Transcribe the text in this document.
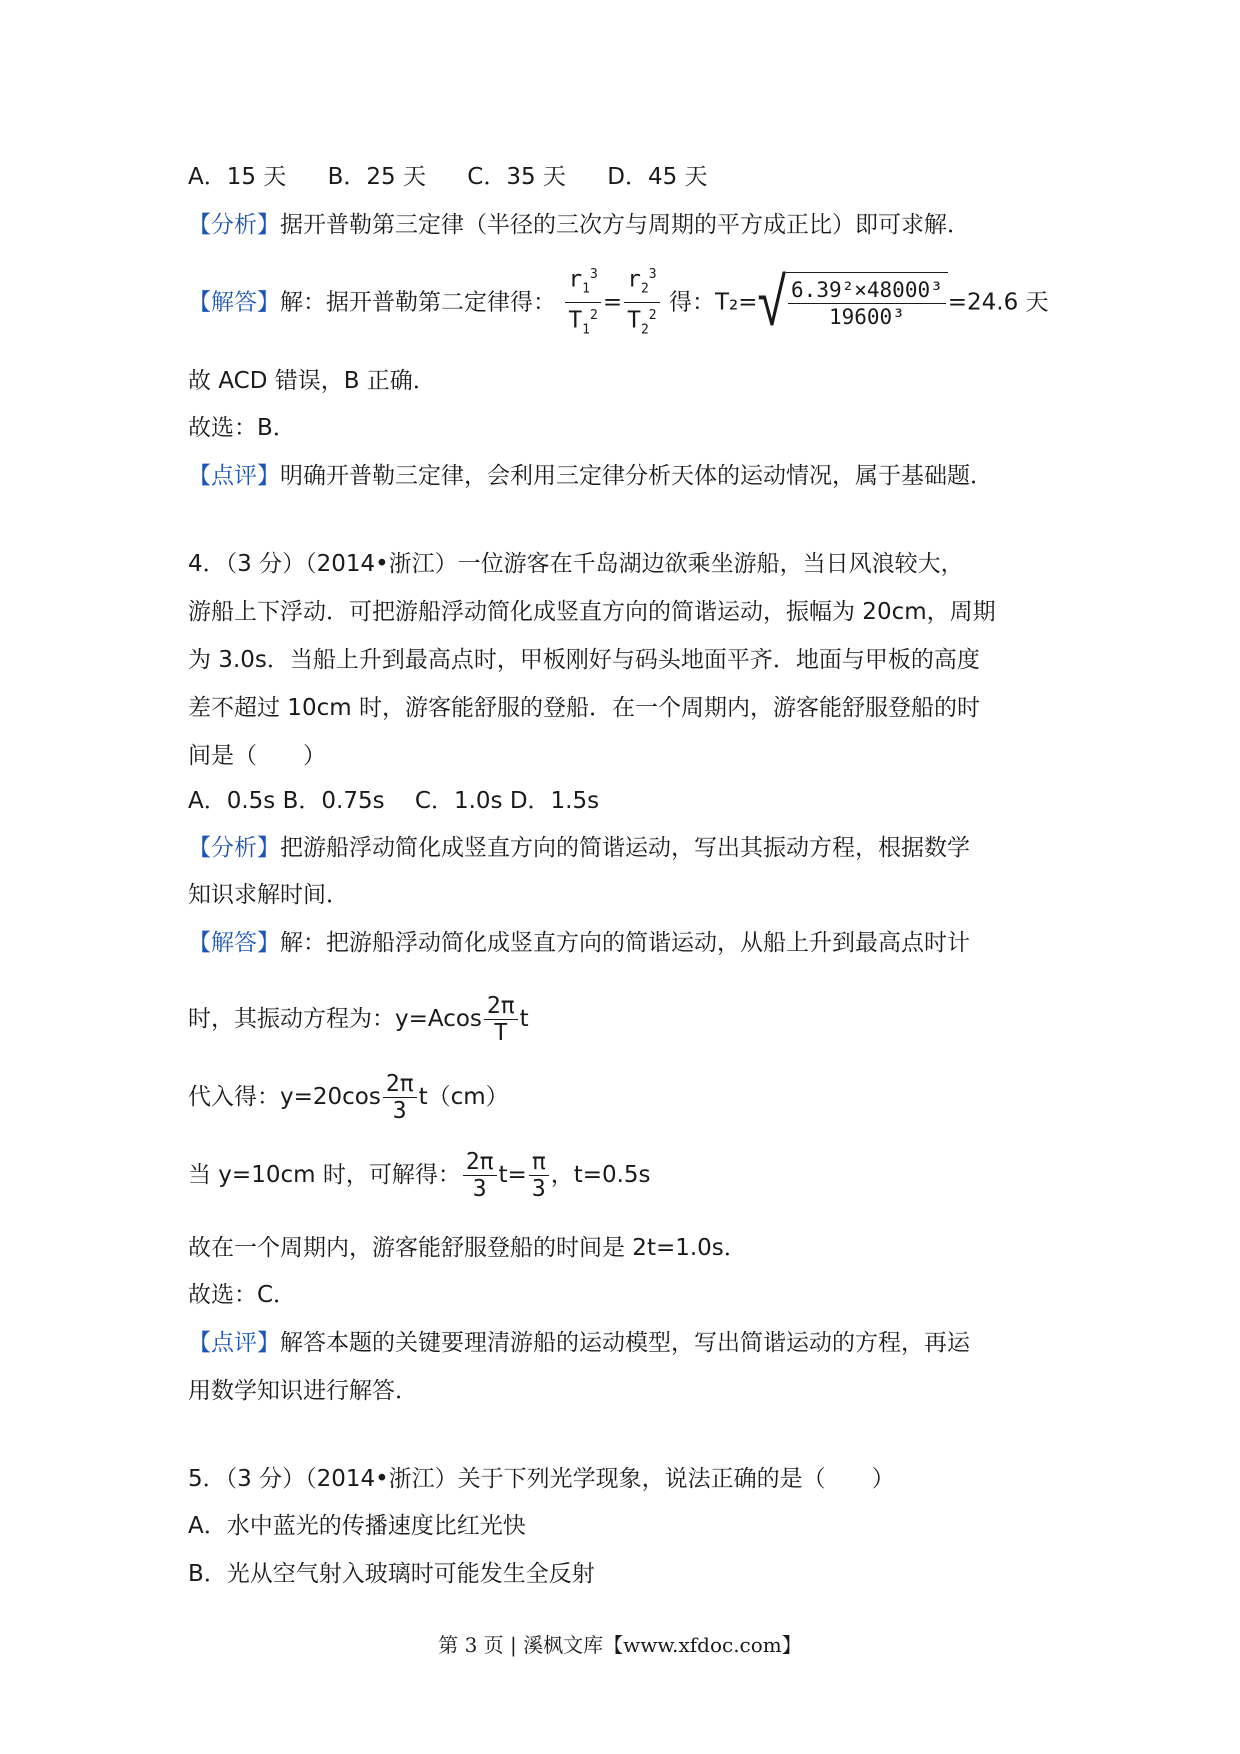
A．15 天 B．25 天 C．35 天 D．45 天
【分析】据开普勒第三定律（半径的三次方与周期的平方成正比）即可求解．
【解答】解：据开普勒第二定律得： $\frac{r_1^3}{T_1^2} = \frac{r_2^3}{T_2^2}$ 得：T₂= √ $\frac{\text{6.39²×48000³}}{\text{19600³}} =24.6$ 天
故 ACD 错误，B 正确．
故选：B．
【点评】明确开普勒三定律，会利用三定律分析天体的运动情况，属于基础题．
4．（3 分）（2014•浙江）一位游客在千岛湖边欲乘坐游船，当日风浪较大，
游船上下浮动．可把游船浮动简化成竖直方向的简谐运动，振幅为 20cm，周期
为 3.0s．当船上升到最高点时，甲板刚好与码头地面平齐．地面与甲板的高度
差不超过 10cm 时，游客能舒服的登船．在一个周期内，游客能舒服登船的时
间是（　　）
A．0.5s B．0.75s　 C．1.0s D．1.5s
【分析】把游船浮动简化成竖直方向的简谐运动，写出其振动方程，根据数学
知识求解时间．
【解答】解：把游船浮动简化成竖直方向的简谐运动，从船上升到最高点时计
时，其振动方程为：$y=Acos \frac{2\pi}{T}$ t
代入得：$y=20\cos \frac{2\pi}{3} t(cm)$
当 y=10cm 时，可解得： $\frac{2\pi}{3} t= \frac{\pi}{3}$ ，t=0.5s
故在一个周期内，游客能舒服登船的时间是 2t=1.0s．
故选：C．
【点评】解答本题的关键要理清游船的运动模型，写出简谐运动的方程，再运
用数学知识进行解答．
5．（3 分）（2014•浙江）关于下列光学现象，说法正确的是（　　）
A．水中蓝光的传播速度比红光快
B．光从空气射入玻璃时可能发生全反射
第 3 页 | 溪枫文库【www.xfdoc.com】
